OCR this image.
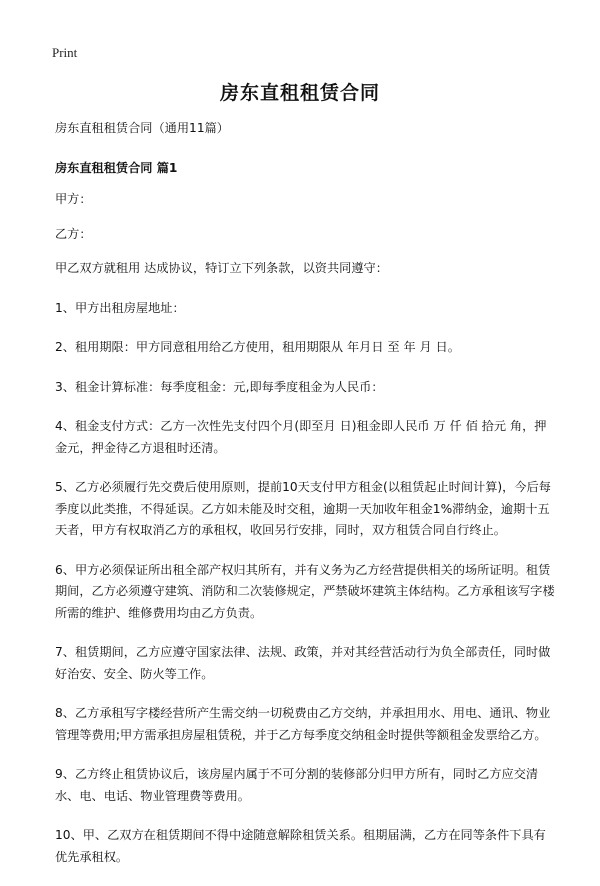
Print
房东直租租赁合同

房东直租租赁合同（通用11篇）

房东直租租赁合同 篇1

甲方：

乙方：

甲乙双方就租用 达成协议，特订立下列条款，以资共同遵守：

1、甲方出租房屋地址：

2、租用期限：甲方同意租用给乙方使用，租用期限从 年月日 至 年 月 日。

3、租金计算标准：每季度租金：元,即每季度租金为人民币：

4、租金支付方式：乙方一次性先支付四个月(即至月 日)租金即人民币 万 仟 佰 拾元 角，押金元，押金待乙方退租时还清。

5、乙方必须履行先交费后使用原则，提前10天支付甲方租金(以租赁起止时间计算)，今后每季度以此类推，不得延误。乙方如未能及时交租，逾期一天加收年租金1%滞纳金，逾期十五天者，甲方有权取消乙方的承租权，收回另行安排，同时，双方租赁合同自行终止。

6、甲方必须保证所出租全部产权归其所有，并有义务为乙方经营提供相关的场所证明。租赁期间，乙方必须遵守建筑、消防和二次装修规定，严禁破坏建筑主体结构。乙方承租该写字楼所需的维护、维修费用均由乙方负责。

7、租赁期间，乙方应遵守国家法律、法规、政策，并对其经营活动行为负全部责任，同时做好治安、安全、防火等工作。

8、乙方承租写字楼经营所产生需交纳一切税费由乙方交纳，并承担用水、用电、通讯、物业管理等费用;甲方需承担房屋租赁税，并于乙方每季度交纳租金时提供等额租金发票给乙方。

9、乙方终止租赁协议后，该房屋内属于不可分割的装修部分归甲方所有，同时乙方应交清水、电、电话、物业管理费等费用。

10、甲、乙双方在租赁期间不得中途随意解除租赁关系。租期届满，乙方在同等条件下具有优先承租权。
